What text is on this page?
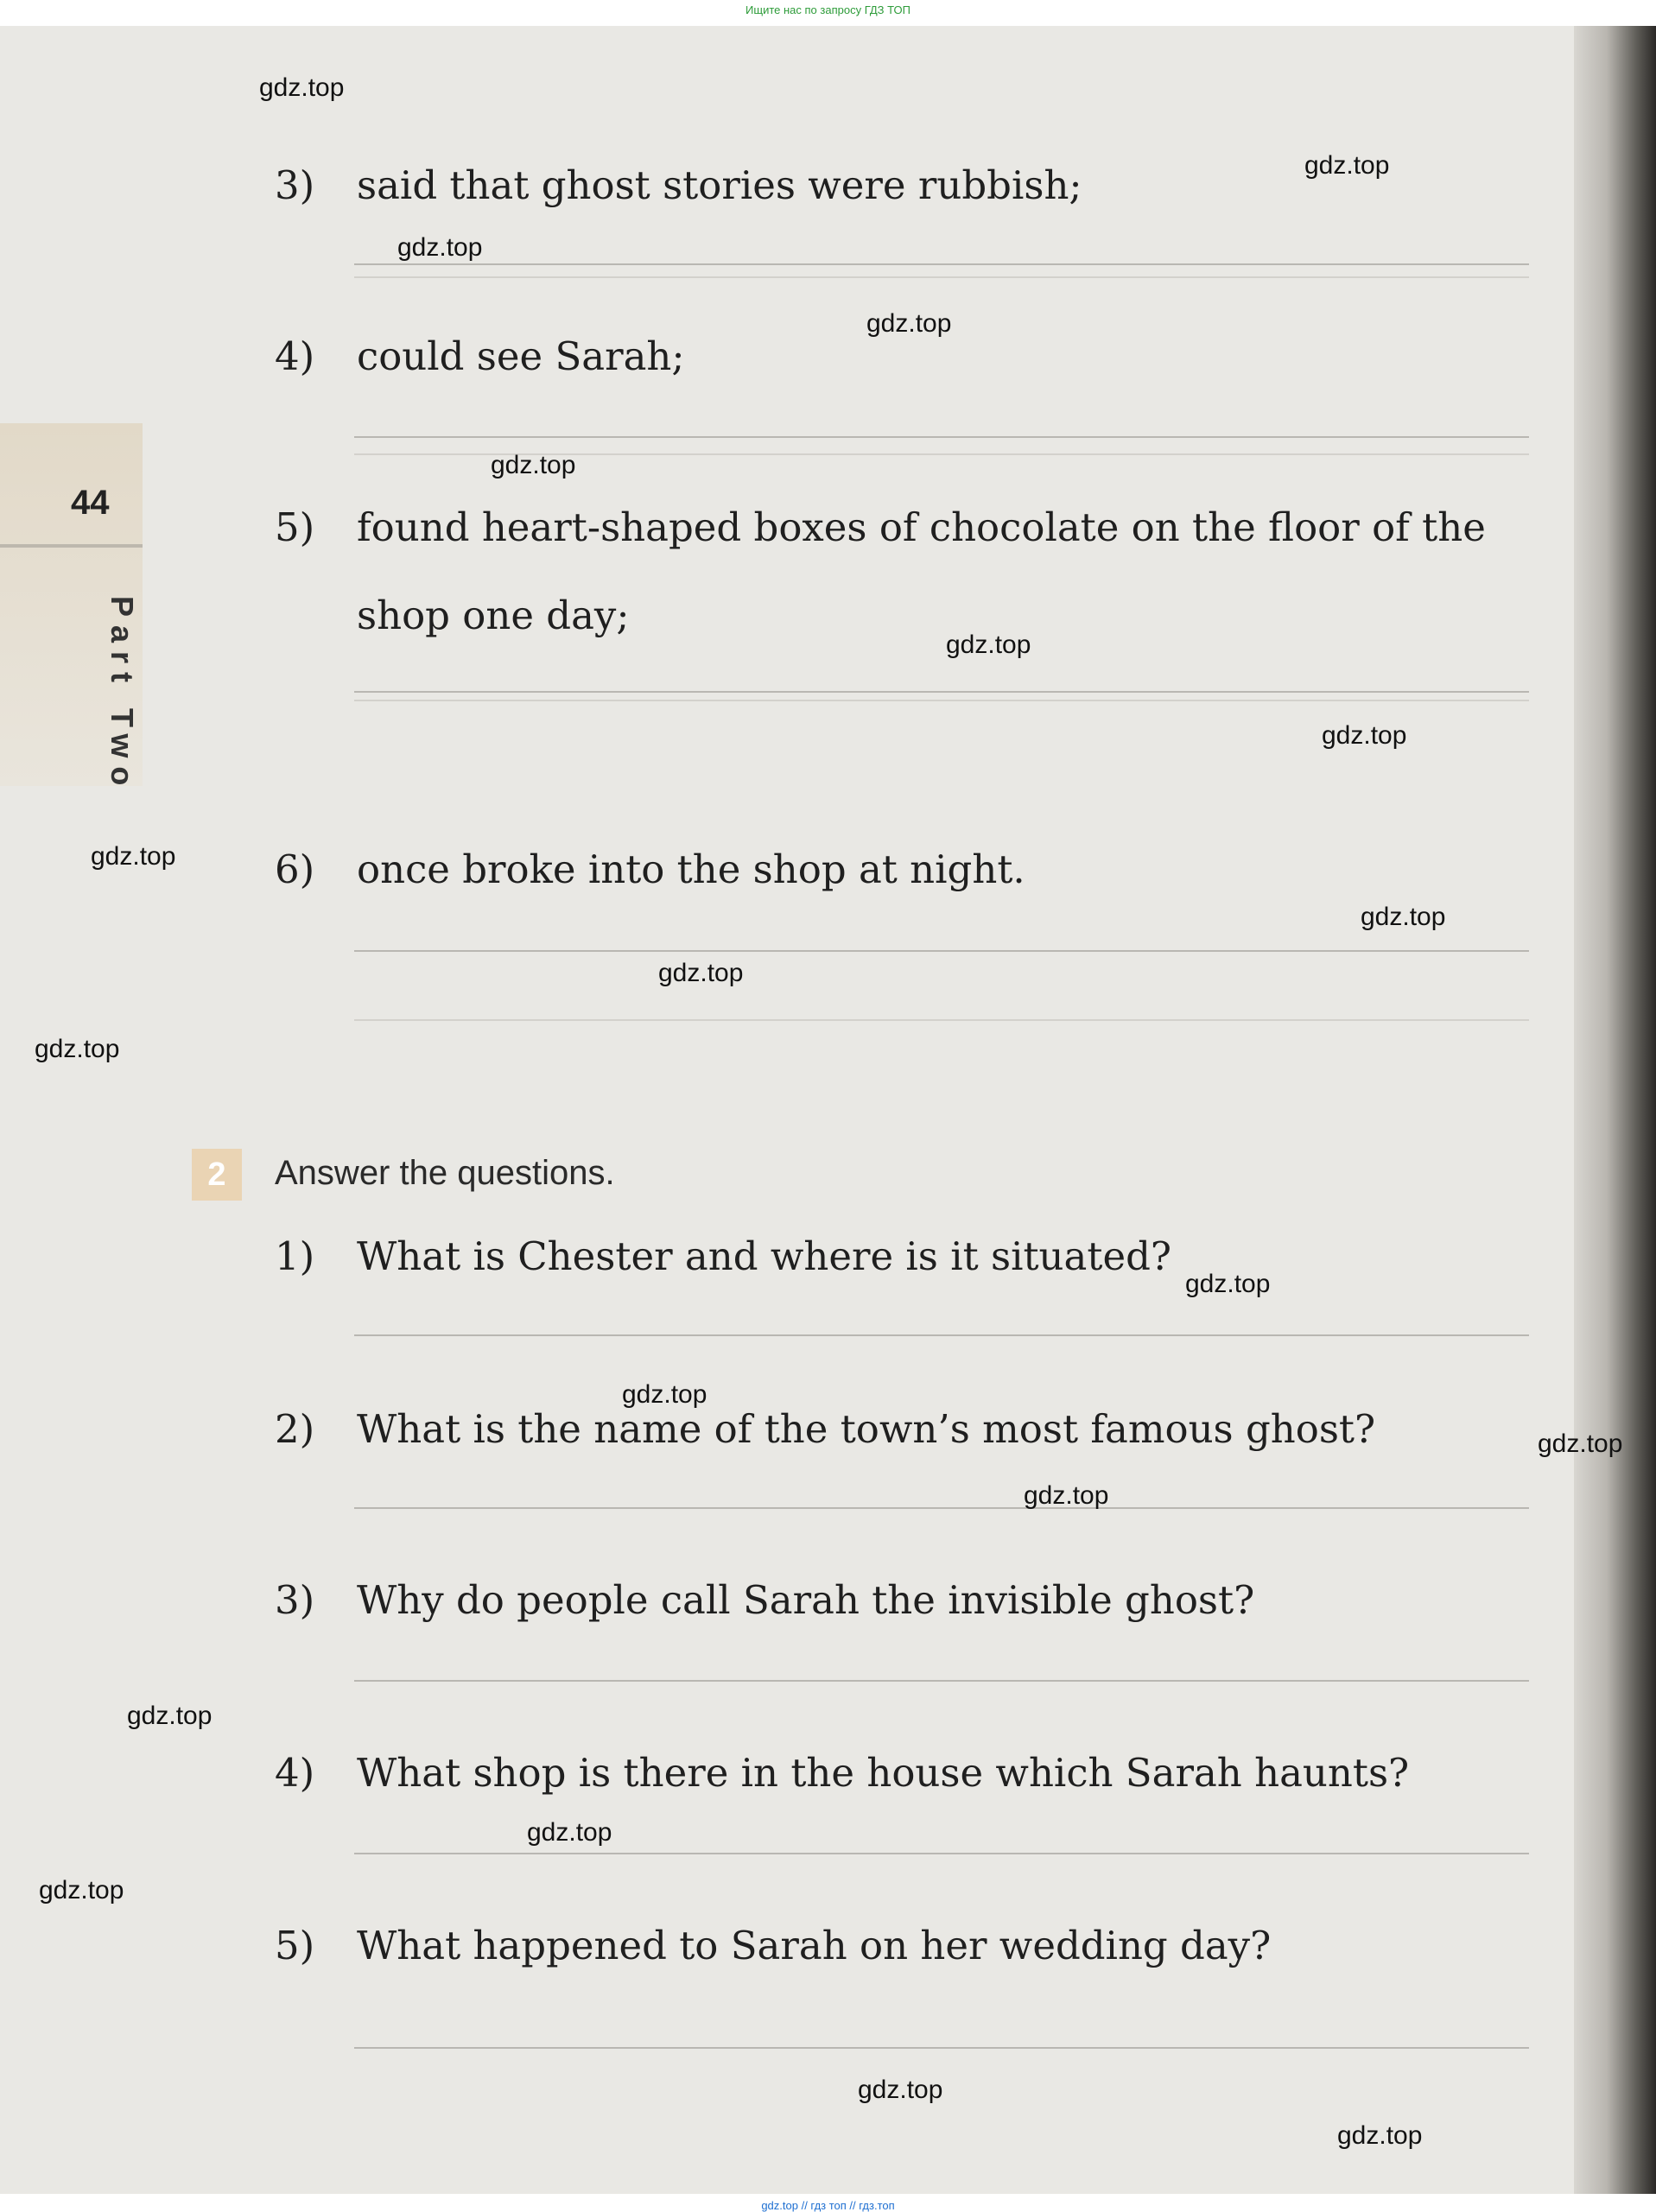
Ищите нас по запросу ГДЗ ТОП
44
Part Two
3) said that ghost stories were rubbish;
4) could see Sarah;
5) found heart-shaped boxes of chocolate on the floor of the
shop one day;
6) once broke into the shop at night.
2	Answer the questions.
1) What is Chester and where is it situated?
2) What is the name of the town’s most famous ghost?
3) Why do people call Sarah the invisible ghost?
4) What shop is there in the house which Sarah haunts?
5) What happened to Sarah on her wedding day?
gdz.top
gdz.top
gdz.top
gdz.top
gdz.top
gdz.top
gdz.top
gdz.top
gdz.top
gdz.top
gdz.top
gdz.top
gdz.top
gdz.top
gdz.top
gdz.top
gdz.top
gdz.top
gdz.top
gdz.top
gdz.top // гдз топ // гдз.топ
